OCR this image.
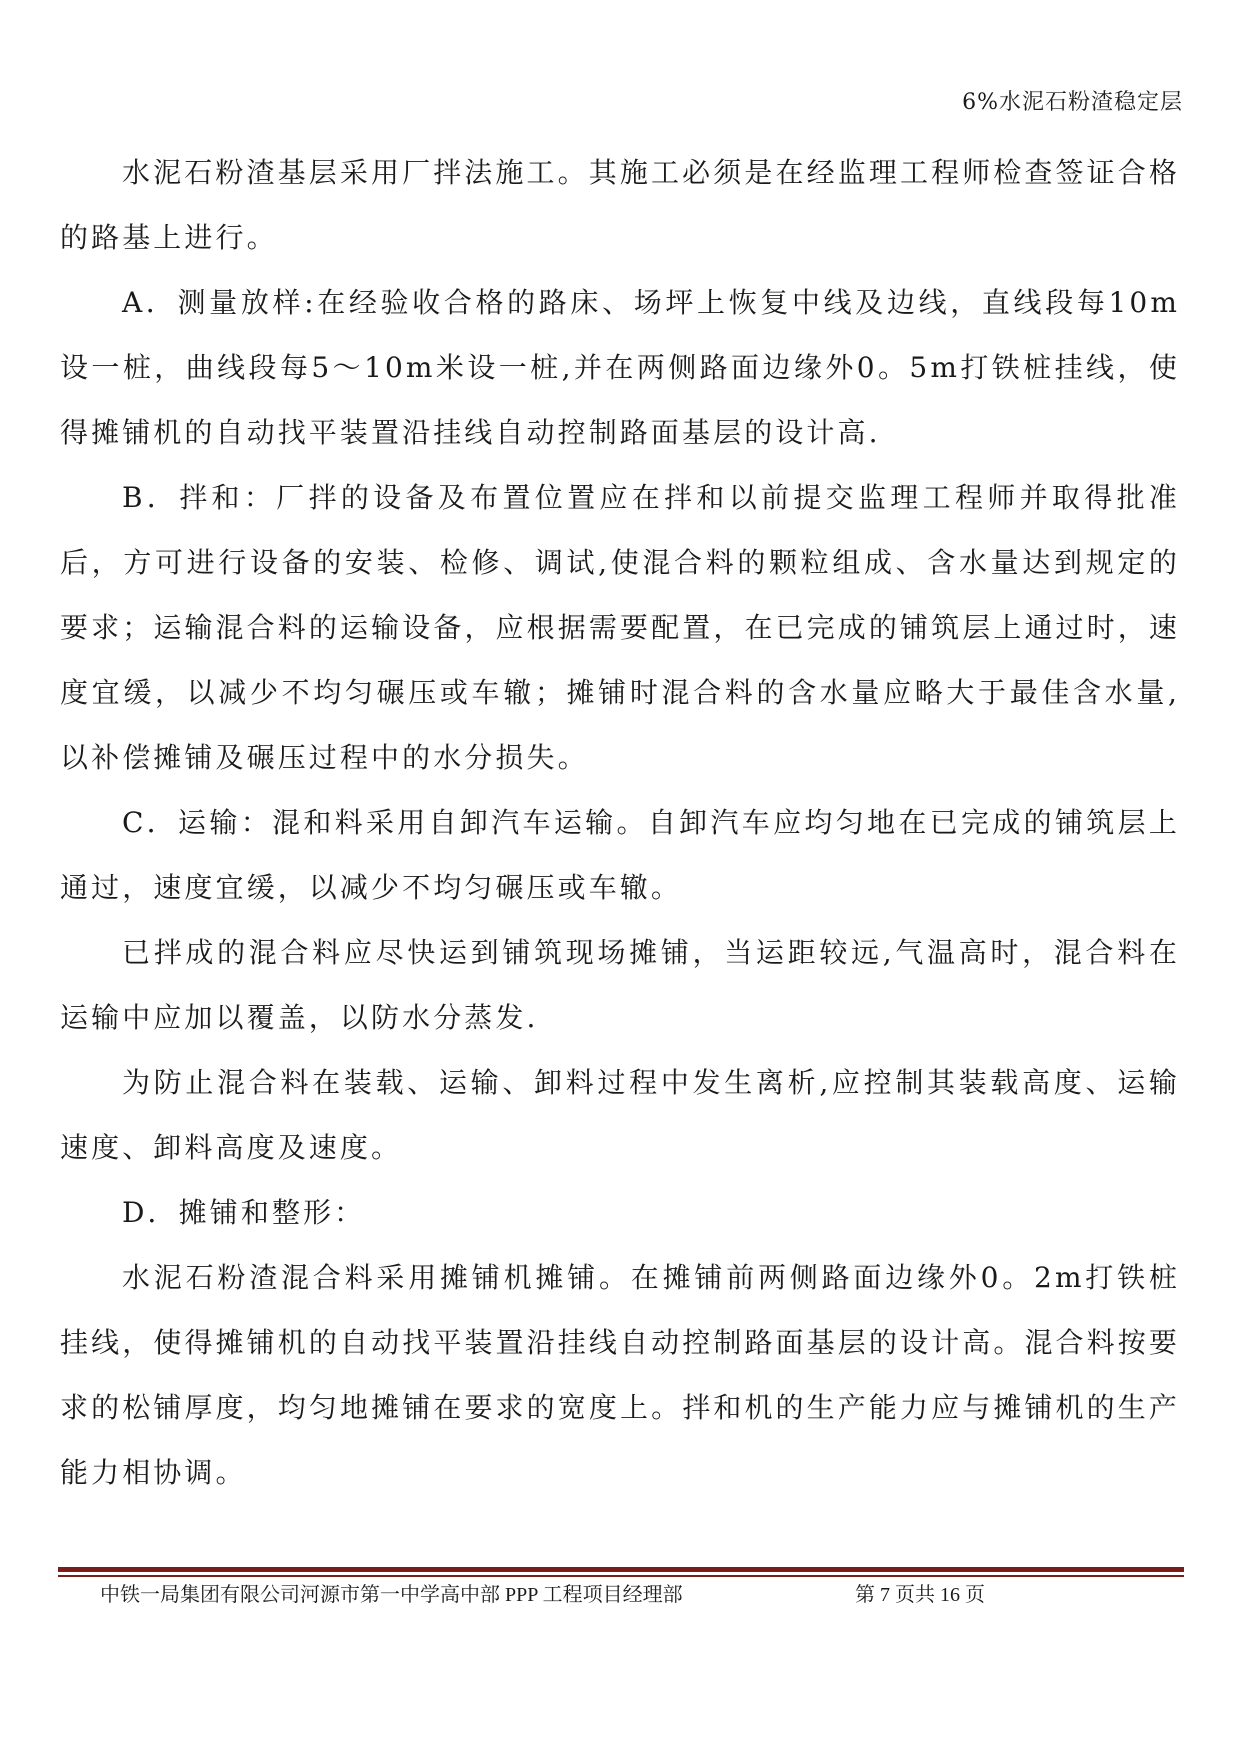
6%水泥石粉渣稳定层

水泥石粉渣基层采用厂拌法施工。其施工必须是在经监理工程师检查签证合格的路基上进行。

A．测量放样:在经验收合格的路床、场坪上恢复中线及边线，直线段每10m设一桩，曲线段每5～10m米设一桩,并在两侧路面边缘外0。5m打铁桩挂线，使得摊铺机的自动找平装置沿挂线自动控制路面基层的设计高.

B．拌和：厂拌的设备及布置位置应在拌和以前提交监理工程师并取得批准后，方可进行设备的安装、检修、调试,使混合料的颗粒组成、含水量达到规定的要求；运输混合料的运输设备，应根据需要配置，在已完成的铺筑层上通过时，速度宜缓，以减少不均匀碾压或车辙；摊铺时混合料的含水量应略大于最佳含水量,以补偿摊铺及碾压过程中的水分损失。

C．运输：混和料采用自卸汽车运输。自卸汽车应均匀地在已完成的铺筑层上通过，速度宜缓，以减少不均匀碾压或车辙。

已拌成的混合料应尽快运到铺筑现场摊铺，当运距较远,气温高时，混合料在运输中应加以覆盖，以防水分蒸发.

为防止混合料在装载、运输、卸料过程中发生离析,应控制其装载高度、运输速度、卸料高度及速度。

D．摊铺和整形：

水泥石粉渣混合料采用摊铺机摊铺。在摊铺前两侧路面边缘外0。2m打铁桩挂线，使得摊铺机的自动找平装置沿挂线自动控制路面基层的设计高。混合料按要求的松铺厚度，均匀地摊铺在要求的宽度上。拌和机的生产能力应与摊铺机的生产能力相协调。

中铁一局集团有限公司河源市第一中学高中部 PPP 工程项目经理部	第 7 页共 16 页
